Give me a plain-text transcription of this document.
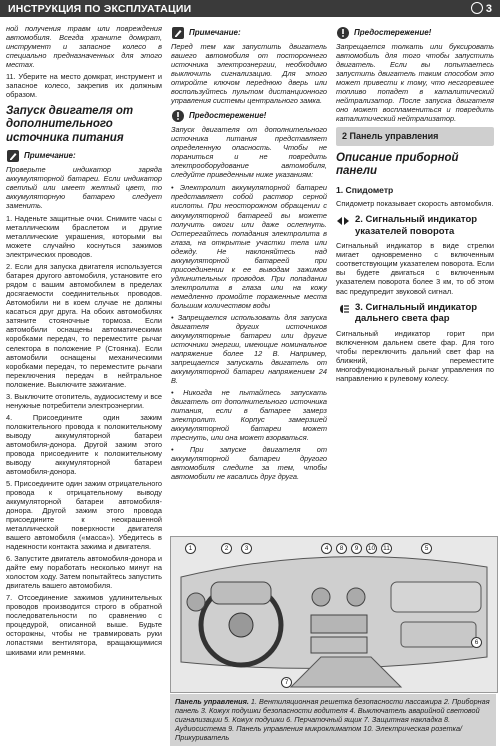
ИНСТРУКЦИЯ ПО ЭКСПЛУАТАЦИИ	3

ной получения травм или повреждения автомобиля. Всегда храните домкрат, инструмент и запасное колесо в специально предназначенных для этого местах.

11. Уберите на место домкрат, инструмент и запасное колесо, закрепив их должным образом.

Запуск двигателя от дополнительного источника питания
Примечание:
Проверьте индикатор заряда аккумуляторной батареи. Если индикатор светлый или имеет желтый цвет, то аккумуляторную батарею следует заменить.

1. Наденьте защитные очки. Снимите часы с металлическим браслетом и другие металлические украшения, которыми вы можете случайно коснуться зажимов электрических проводов.

2. Если для запуска двигателя используется батарея другого автомобиля, установите его рядом с вашим автомобилем в пределах досягаемости соединительных проводов. Автомобили ни в коем случае не должны касаться друг друга. На обоих автомобилях затяните стояночные тормоза. Если автомобили оснащены автоматическими коробками передач, то переместите рычаг селектора в положение P (Стоянка). Если автомобили оснащены механическими коробками передач, то переместите рычаги переключения передач в нейтральное положение. Выключите зажигание.

3. Выключите отопитель, аудиосистему и все ненужные потребители электроэнергии.

4. Присоедините один зажим положительного провода к положительному выводу аккумуляторной батареи автомобиля-донора. Другой зажим этого провода присоедините к положительному выводу аккумуляторной батареи автомобиля-донора.

5. Присоедините один зажим отрицательного провода к отрицательному выводу аккумуляторной батареи автомобиля-донора. Другой зажим этого провода присоедините к неокрашенной металлической поверхности двигателя вашего автомобиля («масса»). Убедитесь в надежности контакта зажима и двигателя.

6. Запустите двигатель автомобиля-донора и дайте ему поработать несколько минут на холостом ходу. Затем попытайтесь запустить двигатель вашего автомобиля.

7. Отсоединение зажимов удлинительных проводов производится строго в обратной последовательности по сравнению с процедурой, описанной выше. Будьте осторожны, чтобы не травмировать руки лопастями вентилятора, вращающимися шкивами или ремнями.

Примечание:
Перед тем как запустить двигатель вашего автомобиля от постороннего источника электроэнергии, необходимо выключить сигнализацию. Для этого откройте ключом переднюю дверь или воспользуйтесь пультом дистанционного управления системы центрального замка.
Предостережение!
Запуск двигателя от дополнительного источника питания представляет определенную опасность. Чтобы не пораниться и не повредить электрооборудование автомобиля, следуйте приведенным ниже указаниям:

• Электролит аккумуляторной батареи представляет собой раствор серной кислоты. При неосторожном обращении с аккумуляторной батареей вы можете получить ожоги или даже ослепнуть. Остерегайтесь попадания электролита в глаза, на открытые участки тела или одежду. Не наклоняйтесь над аккумуляторной батареей при присоединении к ее выводам зажимов удлинительных проводов. При попадании электролита в глаза или на кожу немедленно промойте пораженные места большим количеством воды

• Запрещается использовать для запуска двигателя других источников аккумуляторные батареи или другие источники энергии, имеющие номинальное напряжение более 12 В. Например, запрещается запускать двигатель от аккумуляторной батареи напряжением 24 В.

• Никогда не пытайтесь запускать двигатель от дополнительного источника питания, если в батарее замерз электролит. Корпус замерзшей аккумуляторной батареи может треснуть, или она может взорваться.

• При запуске двигателя от аккумуляторной батареи другого автомобиля следите за тем, чтобы автомобили не касались друг друга.

Предостережение!
Запрещается толкать или буксировать автомобиль для того чтобы запустить двигатель. Если вы попытаетесь запустить двигатель таким способом это может привести к тому, что несгоревшее топливо попадет в каталитический нейтрализатор. После запуска двигателя оно может воспламениться и повредить каталитический нейтрализатор.
2 Панель управления
Описание приборной панели
1. Спидометр

Спидометр показывает скорость автомобиля.

2. Сигнальный индикатор указателей поворота

Сигнальный индикатор в виде стрелки мигает одновременно с включенным соответствующим указателем поворота. Если вы будете двигаться с включенным указателем поворота более 3 км, то об этом вас предупредит звуковой сигнал.

3. Сигнальный индикатор дальнего света фар

Сигнальный индикатор горит при включенном дальнем свете фар. Для того чтобы переключить дальний свет фар на ближний, переместите многофункциональный рычаг управления по направлению к рулевому колесу.

1	2	3	4	5
6
7
8	9	10	11
Панель управления. 1. Вентиляционная решетка безопасности пассажира 2. Приборная панель 3. Кожух подушки безопасности водителя 4. Выключатель аварийной световой сигнализации 5. Кожух подушки 6. Перчаточный ящик 7. Защитная накладка 8. Аудиосистема 9. Панель управления микроклиматом 10. Электрическая розетка/Прикуриватель
